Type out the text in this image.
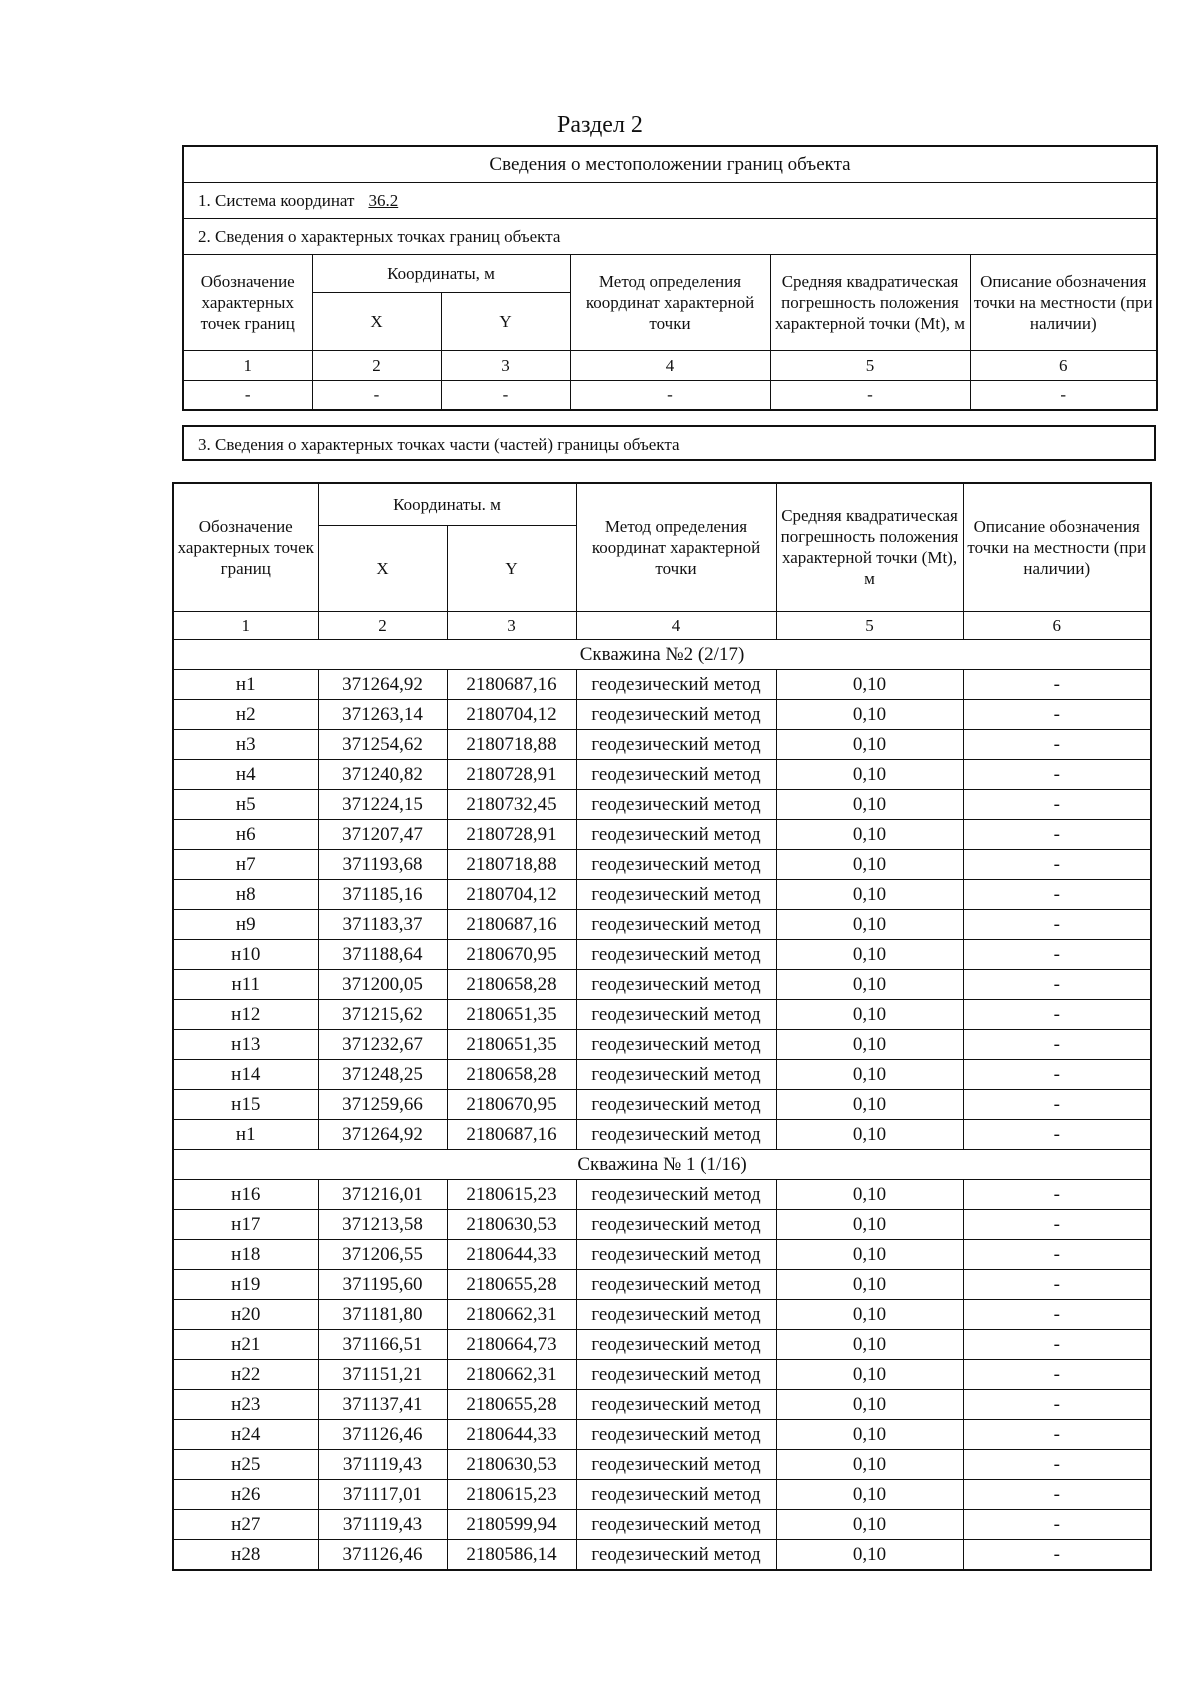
Раздел 2
Сведения о местоположении границ объекта					
1. Система координат 36.2					
2. Сведения о характерных точках границ объекта					
Обозначение характерных точек границ	Координаты, м		Метод определения координат характерной точки	Средняя квадратическая погрешность положения характерной точки (Mt), м	Описание обозначения точки на местности (при наличии)
	X	Y			
1	2	3	4	5	6
-	-	-	-	-	-
3. Сведения о характерных точках части (частей) границы объекта
Обозначение характерных точек границ	Координаты. м		Метод определения координат характерной точки	Средняя квадратическая погрешность положения характерной точки (Mt), м	Описание обозначения точки на местности (при наличии)
	X	Y			
1	2	3	4	5	6
Скважина №2 (2/17)					
н1	371264,92	2180687,16	геодезический метод	0,10	-
н2	371263,14	2180704,12	геодезический метод	0,10	-
н3	371254,62	2180718,88	геодезический метод	0,10	-
н4	371240,82	2180728,91	геодезический метод	0,10	-
н5	371224,15	2180732,45	геодезический метод	0,10	-
н6	371207,47	2180728,91	геодезический метод	0,10	-
н7	371193,68	2180718,88	геодезический метод	0,10	-
н8	371185,16	2180704,12	геодезический метод	0,10	-
н9	371183,37	2180687,16	геодезический метод	0,10	-
н10	371188,64	2180670,95	геодезический метод	0,10	-
н11	371200,05	2180658,28	геодезический метод	0,10	-
н12	371215,62	2180651,35	геодезический метод	0,10	-
н13	371232,67	2180651,35	геодезический метод	0,10	-
н14	371248,25	2180658,28	геодезический метод	0,10	-
н15	371259,66	2180670,95	геодезический метод	0,10	-
н1	371264,92	2180687,16	геодезический метод	0,10	-
Скважина № 1 (1/16)					
н16	371216,01	2180615,23	геодезический метод	0,10	-
н17	371213,58	2180630,53	геодезический метод	0,10	-
н18	371206,55	2180644,33	геодезический метод	0,10	-
н19	371195,60	2180655,28	геодезический метод	0,10	-
н20	371181,80	2180662,31	геодезический метод	0,10	-
н21	371166,51	2180664,73	геодезический метод	0,10	-
н22	371151,21	2180662,31	геодезический метод	0,10	-
н23	371137,41	2180655,28	геодезический метод	0,10	-
н24	371126,46	2180644,33	геодезический метод	0,10	-
н25	371119,43	2180630,53	геодезический метод	0,10	-
н26	371117,01	2180615,23	геодезический метод	0,10	-
н27	371119,43	2180599,94	геодезический метод	0,10	-
н28	371126,46	2180586,14	геодезический метод	0,10	-
